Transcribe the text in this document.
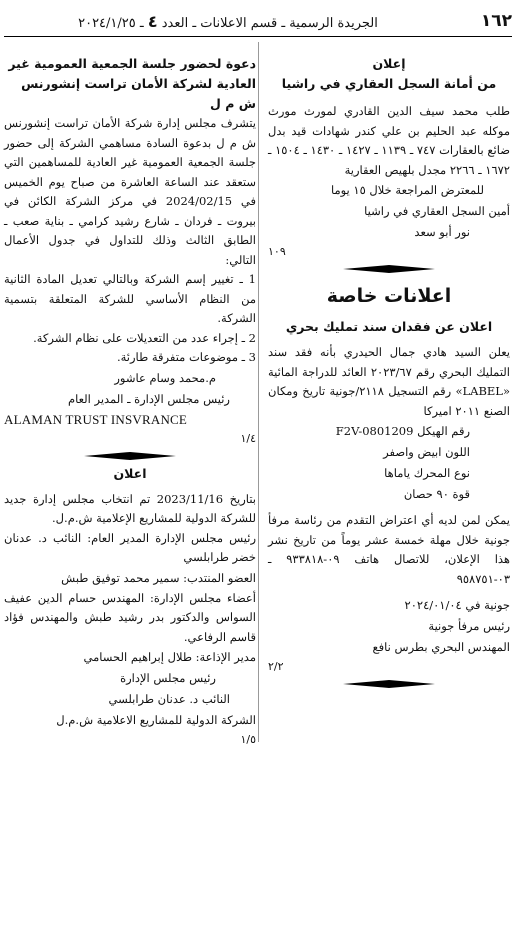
١٦٢
الجريدة الرسمية ـ قسم الاعلانات ـ العدد ٤ ـ ٢٠٢٤/١/٢٥

إعلان

من أمانة السجل العقاري في راشيا

طلب محمد سيف الدين القادري لمورث مورث موكله عبد الحليم بن علي كندر شهادات قيد بدل ضائع بالعقارات ٧٤٧ ـ ١١٣٩ ـ ١٤٢٧ ـ ١٤٣٠ ـ ١٥٠٤ ـ ١٦٧٢ ـ ٢٢٦٦ مجدل بلهيص العقارية

للمعترض المراجعة خلال ١٥ يوما

أمين السجل العقاري في راشيا

نور أبو سعد

١٠٩

اعلانات خاصة

اعلان عن فقدان سند تمليك بحري

يعلن السيد هادي جمال الحيدري بأنه فقد سند التمليك البحري رقم ٢٠٢٣/٦٧ العائد للدراجة المائية «LABEL» رقم التسجيل ٢١١٨/جونية تاريخ ومكان الصنع ٢٠١١ اميركا

رقم الهيكل F2V-0801209

اللون ابيض واصفر

نوع المحرك ياماها

قوة ٩٠ حصان

يمكن لمن لديه أي اعتراض التقدم من رئاسة مرفأ جونية خلال مهلة خمسة عشر يوماً من تاريخ نشر هذا الإعلان، للاتصال هاتف ٠٩-٩٣٣٨١٨ ـ ٠٣-٩٥٨٧٥١

جونية في ٢٠٢٤/٠١/٠٤

رئيس مرفأ جونية

المهندس البحري بطرس نافع

٢/٢

دعوة لحضور جلسة الجمعية العمومية غير

العادية لشركة الأمان تراست إنشورنس ش م ل

يتشرف مجلس إدارة شركة الأمان تراست إنشورنس ش م ل بدعوة السادة مساهمي الشركة إلى حضور جلسة الجمعية العمومية غير العادية للمساهمين التي ستعقد عند الساعة العاشرة من صباح يوم الخميس في 2024/02/15 في مركز الشركة الكائن في بيروت ـ فردان ـ شارع رشيد كرامي ـ بناية صعب ـ الطابق الثالث وذلك للتداول في جدول الأعمال التالي:

1 ـ تغيير إسم الشركة وبالتالي تعديل المادة الثانية من النظام الأساسي للشركة المتعلقة بتسمية الشركة.

2 ـ إجراء عدد من التعديلات على نظام الشركة.

3 ـ موضوعات متفرقة طارئة.

م.محمد وسام عاشور

رئيس مجلس الإدارة ـ المدير العام

ALAMAN TRUST INSVRANCE

١/٤

اعلان

بتاريخ 2023/11/16 تم انتخاب مجلس إدارة جديد للشركة الدولية للمشاريع الإعلامية ش.م.ل.

رئيس مجلس الإدارة المدير العام: النائب د. عدنان خضر طرابلسي

العضو المنتدب: سمير محمد توفيق طبش

أعضاء مجلس الإدارة: المهندس حسام الدين عفيف السواس والدكتور بدر رشيد طبش والمهندس فؤاد قاسم الرفاعي.

مدير الإذاعة: طلال إبراهيم الحسامي

رئيس مجلس الإدارة

النائب د. عدنان طرابلسي

الشركة الدولية للمشاريع الاعلامية ش.م.ل

١/٥
